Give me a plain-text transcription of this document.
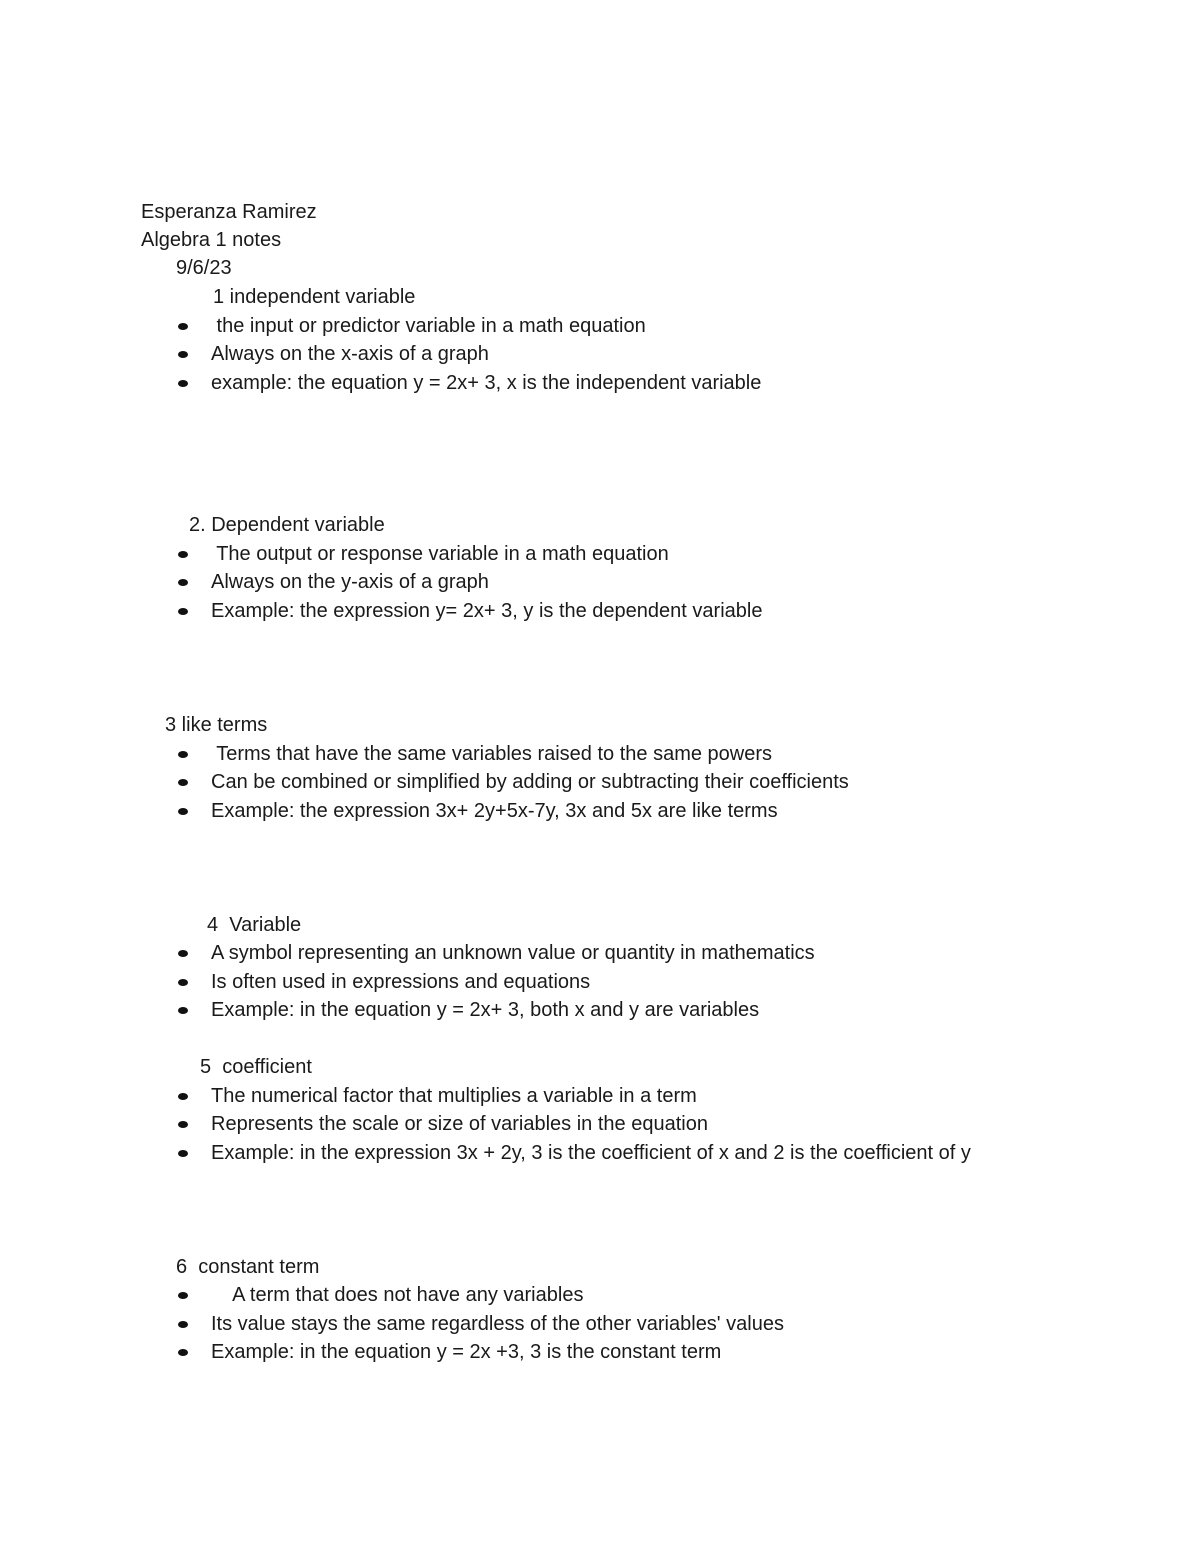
Esperanza Ramirez
Algebra 1 notes
9/6/23
1 independent variable

the input or predictor variable in a math equation

Always on the x-axis of a graph

example: the equation y = 2x+ 3, x is the independent variable

2. Dependent variable

The output or response variable in a math equation

Always on the y-axis of a graph

Example: the expression y= 2x+ 3, y is the dependent variable

3 like terms

Terms that have the same variables raised to the same powers

Can be combined or simplified by adding or subtracting their coefficients

Example: the expression 3x+ 2y+5x-7y, 3x and 5x are like terms

4  Variable

A symbol representing an unknown value or quantity in mathematics

Is often used in expressions and equations

Example: in the equation y = 2x+ 3, both x and y are variables

5  coefficient

The numerical factor that multiplies a variable in a term

Represents the scale or size of variables in the equation

Example: in the expression 3x + 2y, 3 is the coefficient of x and 2 is the coefficient of y

6  constant term

A term that does not have any variables

Its value stays the same regardless of the other variables' values

Example: in the equation y = 2x +3, 3 is the constant term
